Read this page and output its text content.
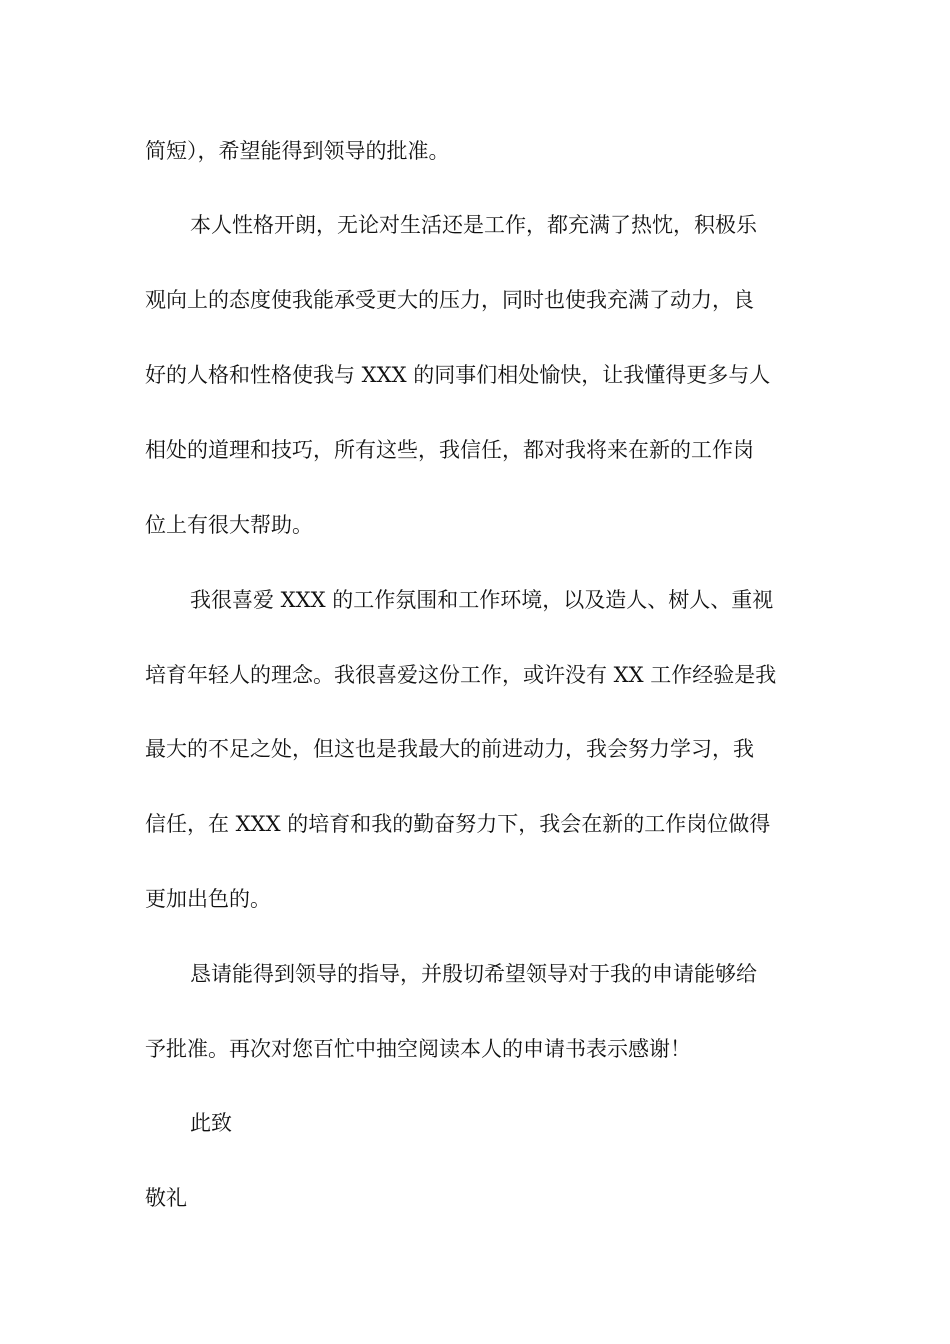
简短），希望能得到领导的批准。
本人性格开朗，无论对生活还是工作，都充满了热忱，积极乐
观向上的态度使我能承受更大的压力，同时也使我充满了动力，良
好的人格和性格使我与 XXX 的同事们相处愉快，让我懂得更多与人
相处的道理和技巧，所有这些，我信任，都对我将来在新的工作岗
位上有很大帮助。
我很喜爱 XXX 的工作氛围和工作环境，以及造人、树人、重视
培育年轻人的理念。我很喜爱这份工作，或许没有 XX 工作经验是我
最大的不足之处，但这也是我最大的前进动力，我会努力学习，我
信任，在 XXX 的培育和我的勤奋努力下，我会在新的工作岗位做得
更加出色的。
恳请能得到领导的指导，并殷切希望领导对于我的申请能够给
予批准。再次对您百忙中抽空阅读本人的申请书表示感谢！
此致
敬礼
